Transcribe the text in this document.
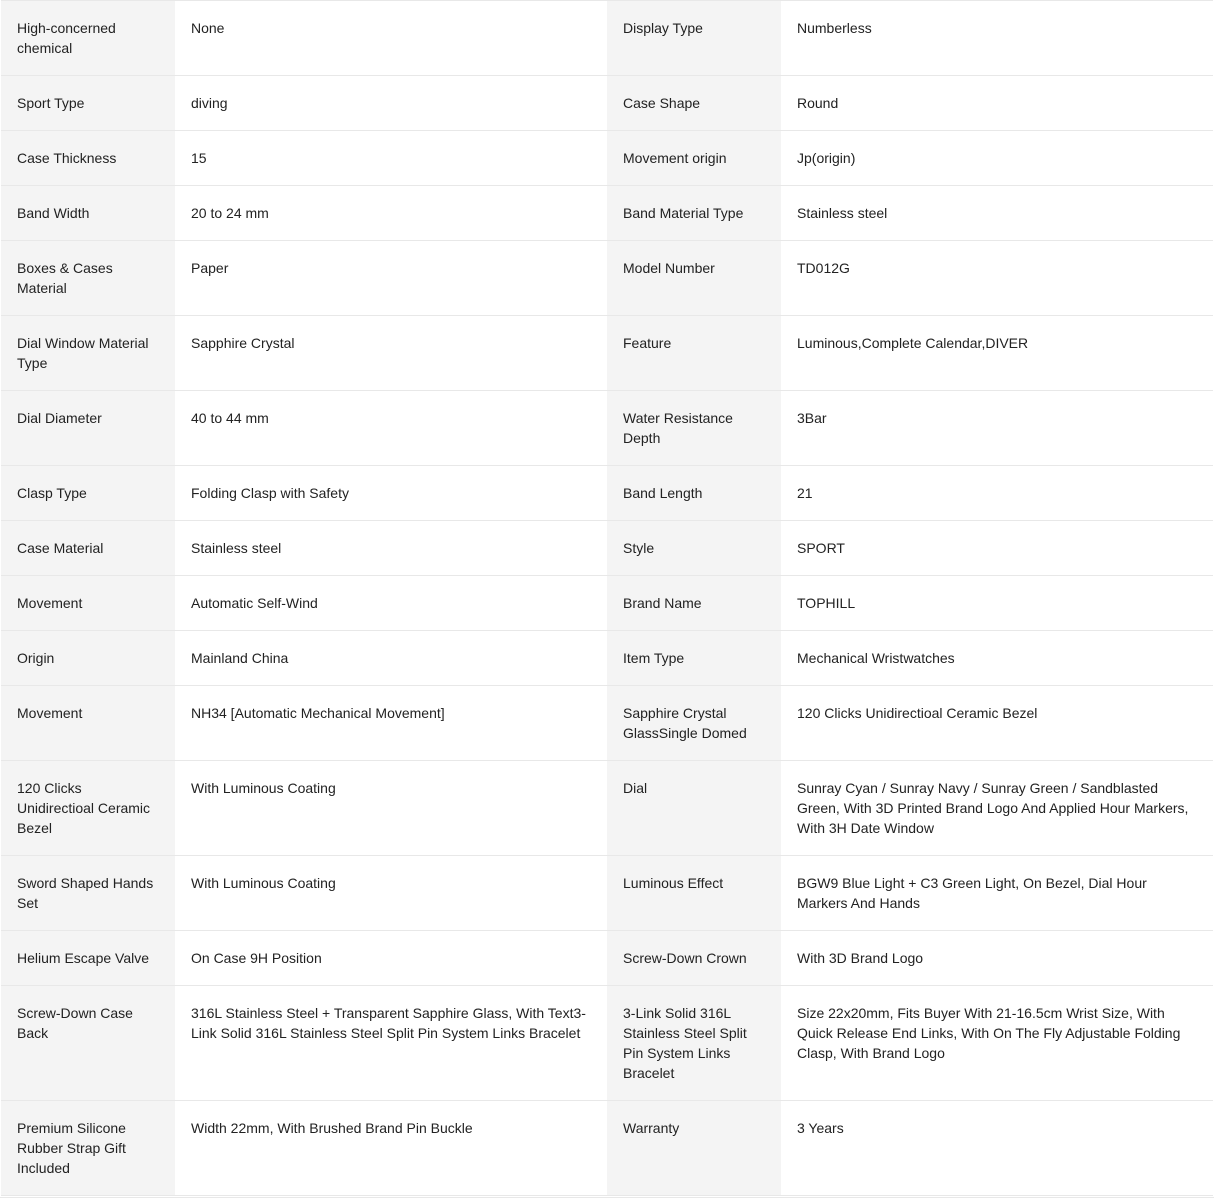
High-concerned chemical	None	Display Type	Numberless
Sport Type	diving	Case Shape	Round
Case Thickness	15	Movement origin	Jp(origin)
Band Width	20 to 24 mm	Band Material Type	Stainless steel
Boxes & Cases Material	Paper	Model Number	TD012G
Dial Window Material Type	Sapphire Crystal	Feature	Luminous,Complete Calendar,DIVER
Dial Diameter	40 to 44 mm	Water Resistance Depth	3Bar
Clasp Type	Folding Clasp with Safety	Band Length	21
Case Material	Stainless steel	Style	SPORT
Movement	Automatic Self-Wind	Brand Name	TOPHILL
Origin	Mainland China	Item Type	Mechanical Wristwatches
Movement	NH34 [Automatic Mechanical Movement]	Sapphire Crystal GlassSingle Domed	120 Clicks Unidirectioal Ceramic Bezel
120 Clicks Unidirectioal Ceramic Bezel	With Luminous Coating	Dial	Sunray Cyan / Sunray Navy / Sunray Green / Sandblasted Green, With 3D Printed Brand Logo And Applied Hour Markers, With 3H Date Window
Sword Shaped Hands Set	With Luminous Coating	Luminous Effect	BGW9 Blue Light + C3 Green Light, On Bezel, Dial Hour Markers And Hands
Helium Escape Valve	On Case 9H Position	Screw-Down Crown	With 3D Brand Logo
Screw-Down Case Back	316L Stainless Steel + Transparent Sapphire Glass, With Text3-Link Solid 316L Stainless Steel Split Pin System Links Bracelet	3-Link Solid 316L Stainless Steel Split Pin System Links Bracelet	Size 22x20mm, Fits Buyer With 21-16.5cm Wrist Size, With Quick Release End Links, With On The Fly Adjustable Folding Clasp, With Brand Logo
Premium Silicone Rubber Strap Gift Included	Width 22mm, With Brushed Brand Pin Buckle	Warranty	3 Years
